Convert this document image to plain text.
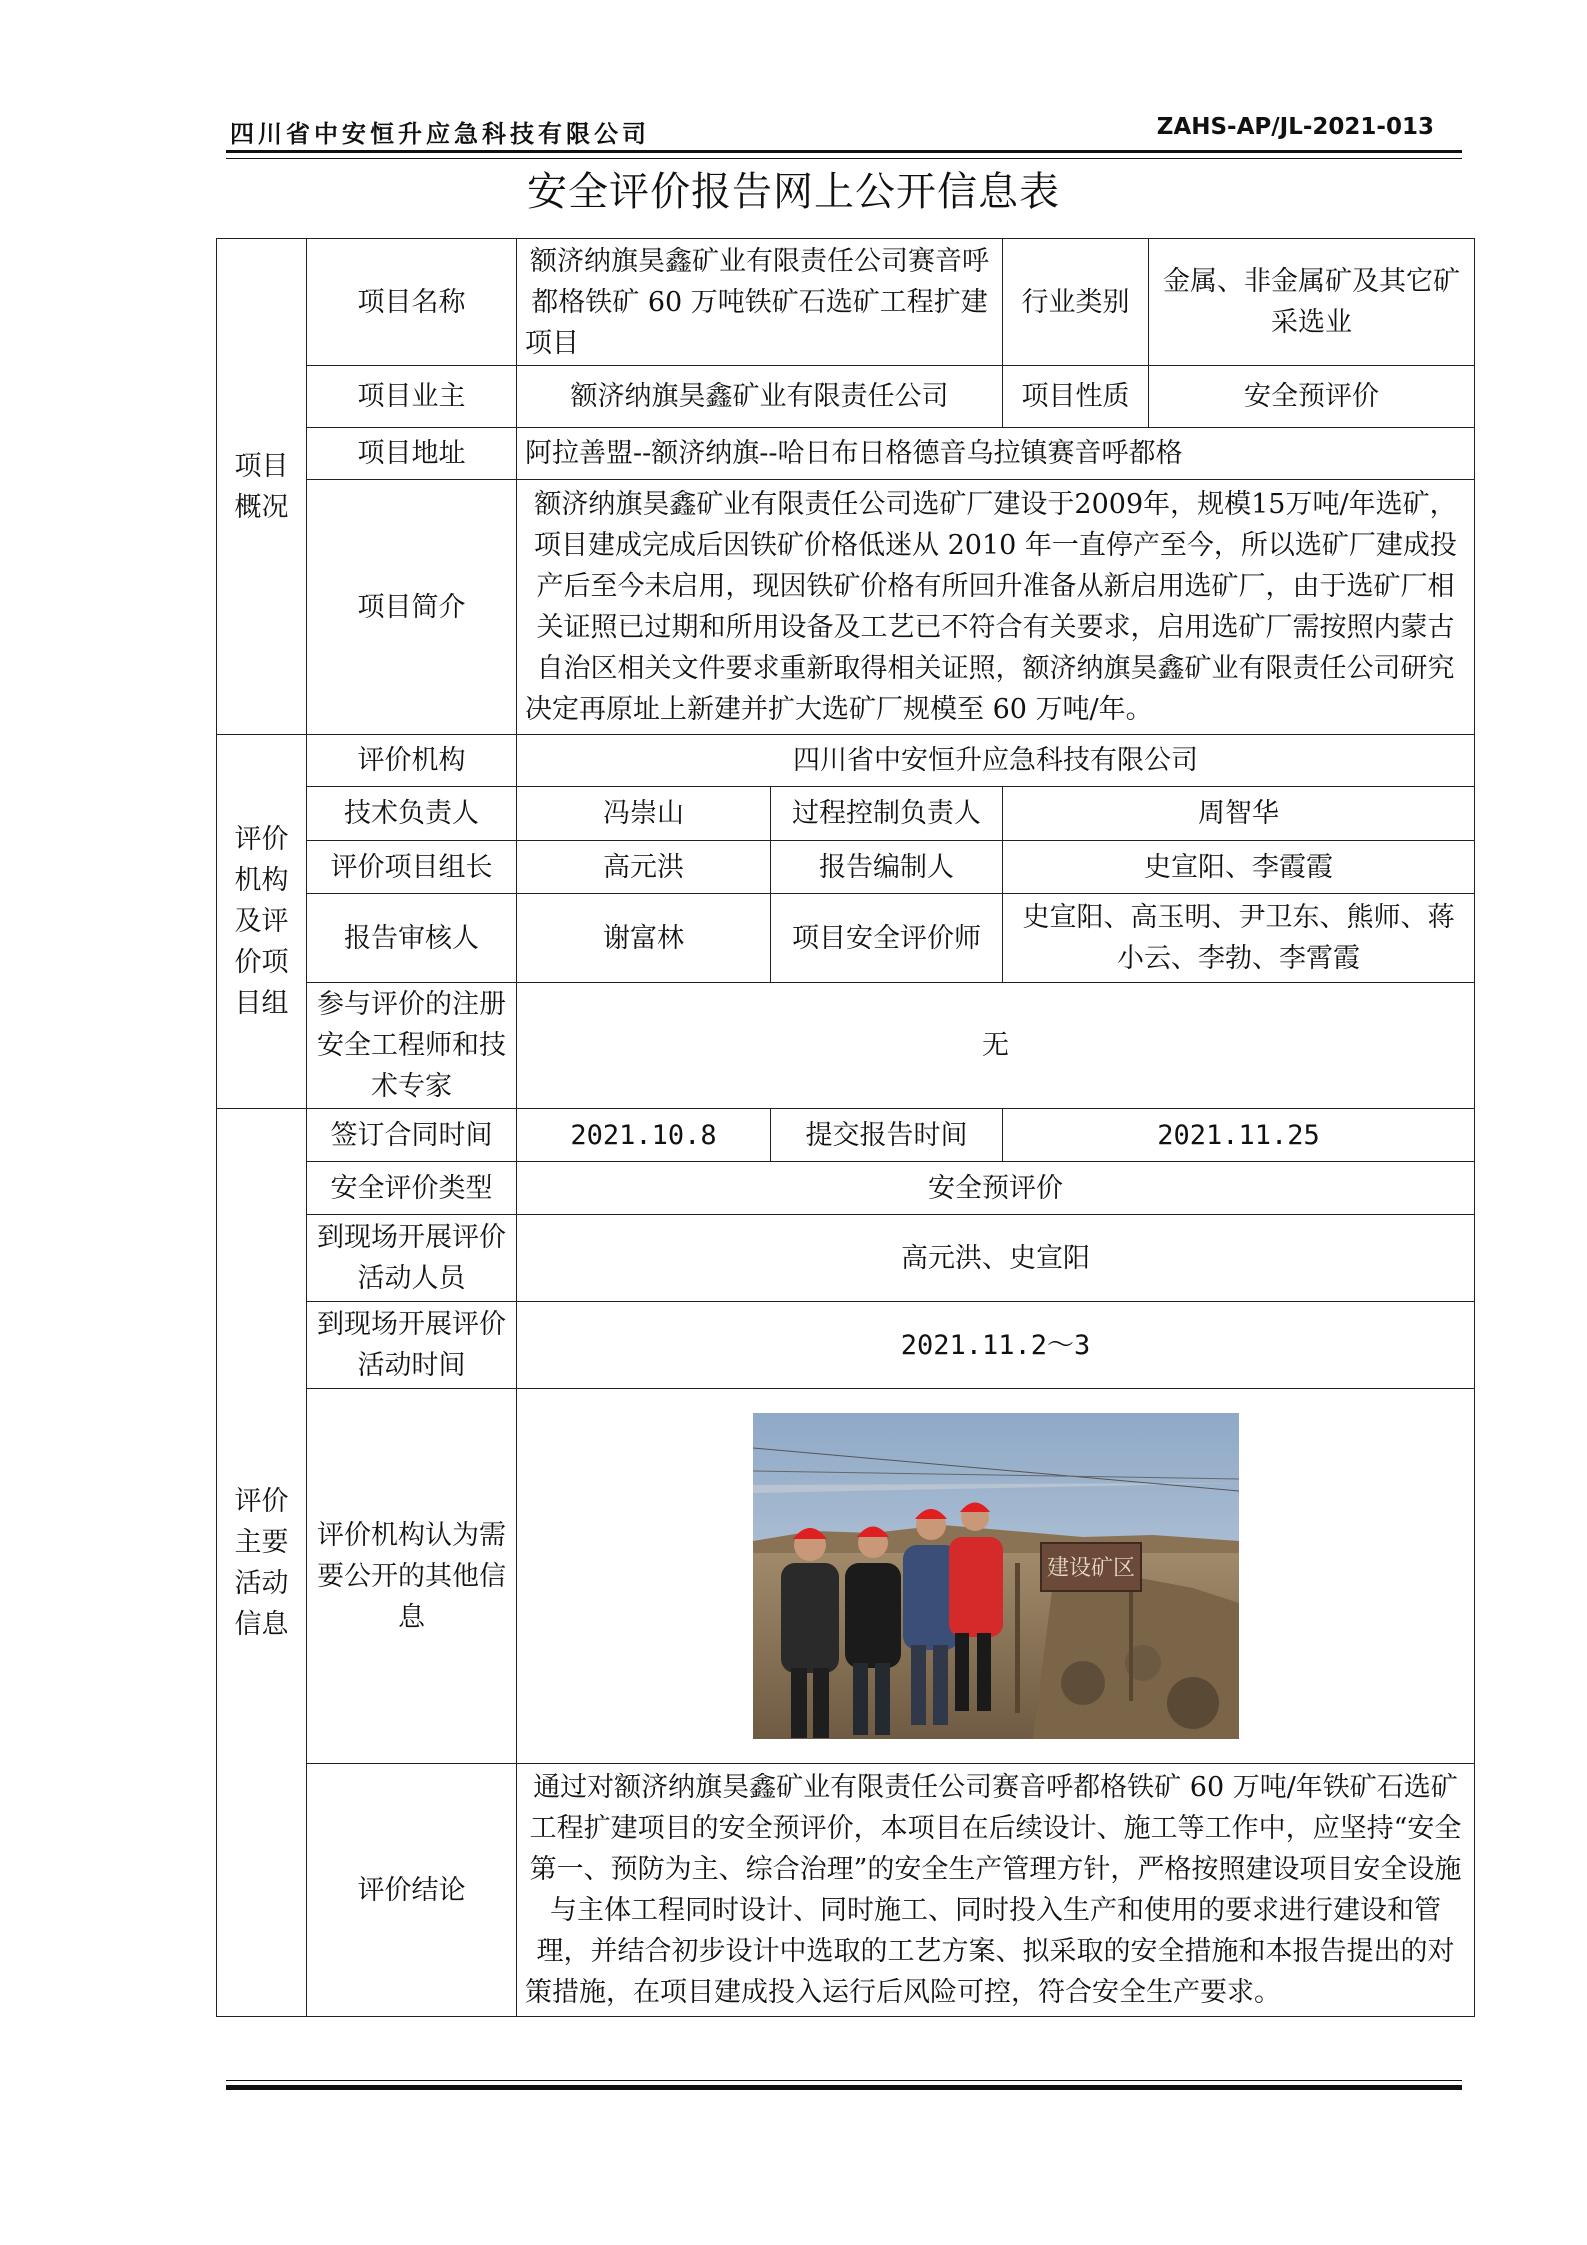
四川省中安恒升应急科技有限公司	ZAHS-AP/JL-2021-013
安全评价报告网上公开信息表
项目概况	项目名称	额济纳旗昊鑫矿业有限责任公司赛音呼都格铁矿 60 万吨铁矿石选矿工程扩建项目		行业类别	金属、非金属矿及其它矿采选业
	项目业主	额济纳旗昊鑫矿业有限责任公司		项目性质	安全预评价
	项目地址	阿拉善盟--额济纳旗--哈日布日格德音乌拉镇赛音呼都格			
	项目简介	额济纳旗昊鑫矿业有限责任公司选矿厂建设于2009年，规模15万吨/年选矿，项目建成完成后因铁矿价格低迷从 2010 年一直停产至今，所以选矿厂建成投产后至今未启用，现因铁矿价格有所回升准备从新启用选矿厂，由于选矿厂相关证照已过期和所用设备及工艺已不符合有关要求，启用选矿厂需按照内蒙古自治区相关文件要求重新取得相关证照，额济纳旗昊鑫矿业有限责任公司研究决定再原址上新建并扩大选矿厂规模至 60 万吨/年。			
评价机构及评价项目组	评价机构	四川省中安恒升应急科技有限公司			
	技术负责人	冯崇山	过程控制负责人	周智华	
	评价项目组长	高元洪	报告编制人	史宣阳、李霞霞	
	报告审核人	谢富林	项目安全评价师	史宣阳、高玉明、尹卫东、熊师、蒋小云、李勃、李霄霞	
	参与评价的注册安全工程师和技术专家	无			
评价主要活动信息	签订合同时间	2021.10.8	提交报告时间	2021.11.25	
	安全评价类型	安全预评价			
	到现场开展评价活动人员	高元洪、史宣阳			
	到现场开展评价活动时间	2021.11.2～3			
	评价机构认为需要公开的其他信息	建设矿区			

	评价结论	通过对额济纳旗昊鑫矿业有限责任公司赛音呼都格铁矿 60 万吨/年铁矿石选矿工程扩建项目的安全预评价，本项目在后续设计、施工等工作中，应坚持“安全第一、预防为主、综合治理”的安全生产管理方针，严格按照建设项目安全设施与主体工程同时设计、同时施工、同时投入生产和使用的要求进行建设和管理，并结合初步设计中选取的工艺方案、拟采取的安全措施和本报告提出的对策措施，在项目建成投入运行后风险可控，符合安全生产要求。			
